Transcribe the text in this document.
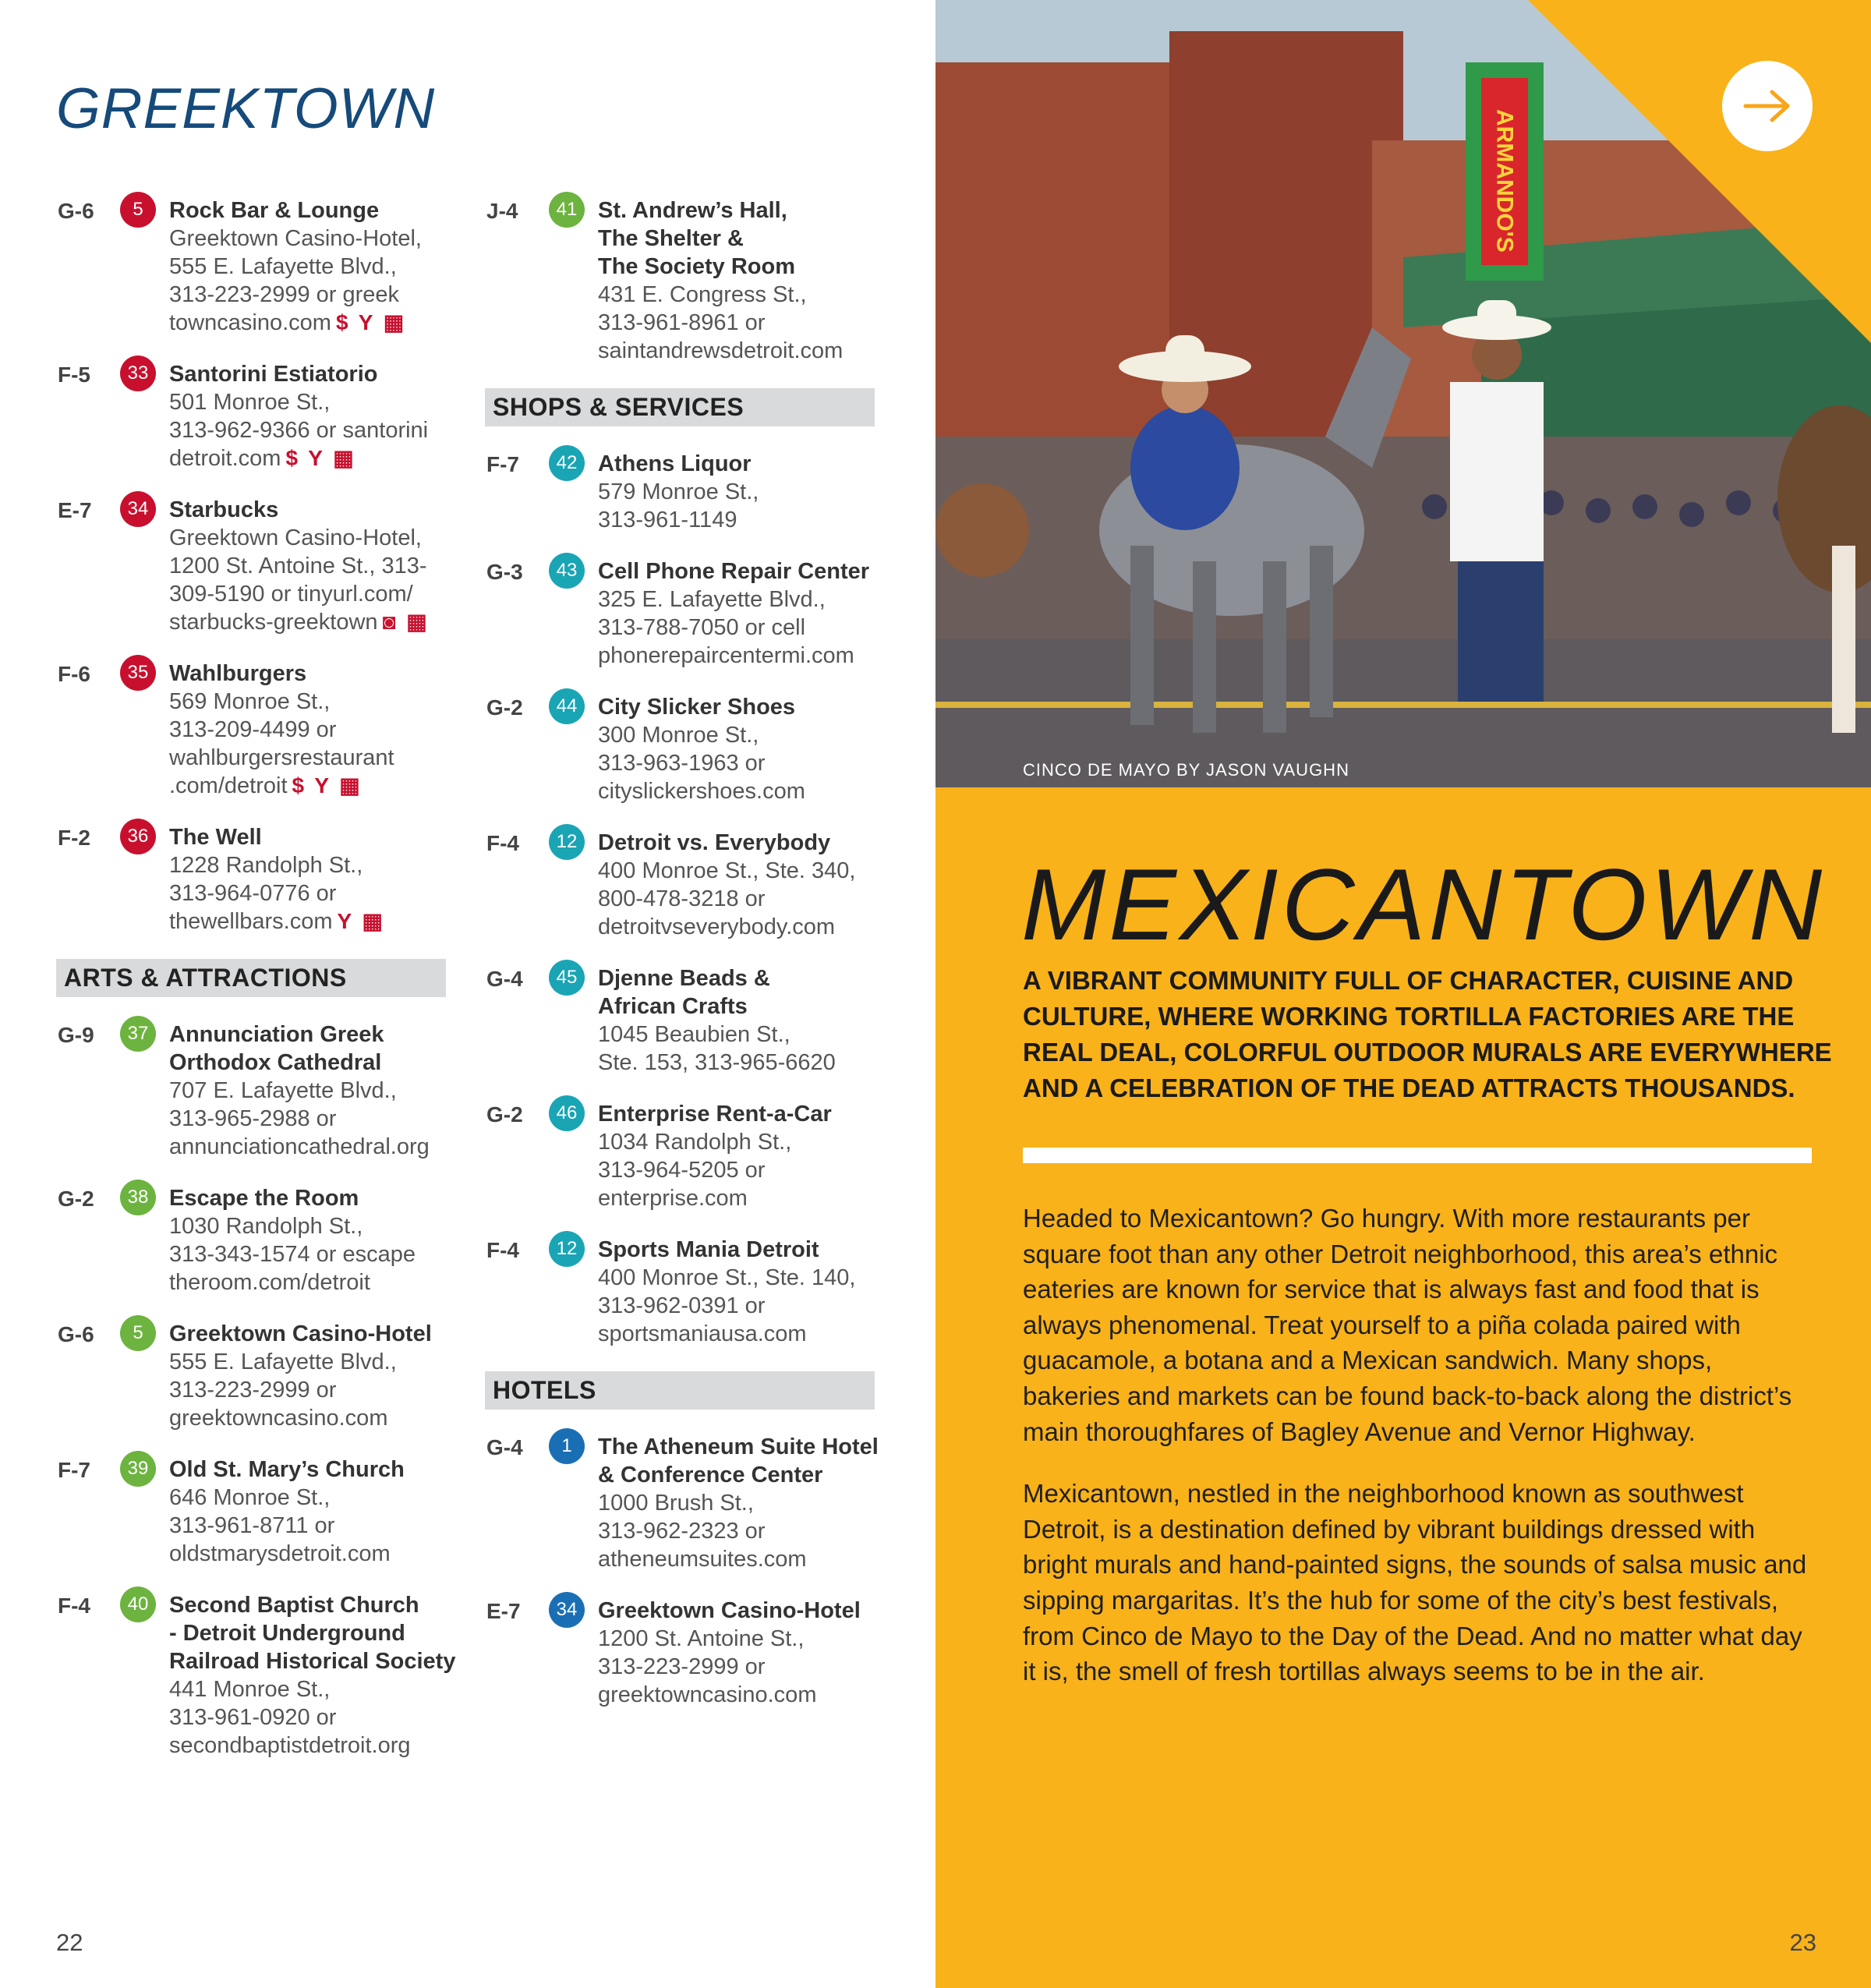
GREEKTOWN
G-6	5	Rock Bar & Lounge
Greektown Casino-Hotel,
555 E. Lafayette Blvd.,
313-223-2999 or greek
towncasino.com $ Y ▦
F-5	33 Santorini Estiatorio
501 Monroe St.,
313-962-9366 or santorini
detroit.com $ Y ▦
E-7	34 Starbucks
Greektown Casino-Hotel,
1200 St. Antoine St., 313-
309-5190 or tinyurl.com/
starbucks-greektown ◙ ▦
F-6	35 Wahlburgers
569 Monroe St.,
313-209-4499 or
wahlburgersrestaurant
.com/detroit $ Y ▦
F-2	36 The Well
1228 Randolph St.,
313-964-0776 or
thewellbars.com Y ▦
ARTS & ATTRACTIONS
G-9	37 Annunciation Greek
Orthodox Cathedral
707 E. Lafayette Blvd.,
313-965-2988 or
annunciationcathedral.org
G-2	38 Escape the Room
1030 Randolph St.,
313-343-1574 or escape
theroom.com/detroit
G-6	5	Greektown Casino-Hotel
555 E. Lafayette Blvd.,
313-223-2999 or
greektowncasino.com
F-7	39 Old St. Mary’s Church
646 Monroe St.,
313-961-8711 or
oldstmarysdetroit.com
F-4	40 Second Baptist Church
- Detroit Underground
Railroad Historical Society
441 Monroe St.,
313-961-0920 or
secondbaptistdetroit.org
J-4	41 St. Andrew’s Hall,
The Shelter &
The Society Room
431 E. Congress St.,
313-961-8961 or
saintandrewsdetroit.com
SHOPS & SERVICES
F-7	42 Athens Liquor
579 Monroe St.,
313-961-1149
G-3	43 Cell Phone Repair Center
325 E. Lafayette Blvd.,
313-788-7050 or cell
phonerepaircentermi.com
G-2	44 City Slicker Shoes
300 Monroe St.,
313-963-1963 or
cityslickershoes.com
F-4	12 Detroit vs. Everybody
400 Monroe St., Ste. 340,
800-478-3218 or
detroitvseverybody.com
G-4	45 Djenne Beads &
African Crafts
1045 Beaubien St.,
Ste. 153, 313-965-6620
G-2	46 Enterprise Rent-a-Car
1034 Randolph St.,
313-964-5205 or
enterprise.com
F-4	12 Sports Mania Detroit
400 Monroe St., Ste. 140,
313-962-0391 or
sportsmaniausa.com
HOTELS
G-4	1	The Atheneum Suite Hotel
& Conference Center
1000 Brush St.,
313-962-2323 or
atheneumsuites.com
E-7	34 Greektown Casino-Hotel
1200 St. Antoine St.,
313-223-2999 or
greektowncasino.com
22
ARMANDO'S
CINCO DE MAYO BY JASON VAUGHN
MEXICANTOWN

A VIBRANT COMMUNITY FULL OF CHARACTER, CUISINE AND CULTURE, WHERE WORKING TORTILLA FACTORIES ARE THE REAL DEAL, COLORFUL OUTDOOR MURALS ARE EVERYWHERE AND A CELEBRATION OF THE DEAD ATTRACTS THOUSANDS.

Headed to Mexicantown? Go hungry. With more restaurants per square foot than any other Detroit neighborhood, this area’s ethnic eateries are known for service that is always fast and food that is always phenomenal. Treat yourself to a piña colada paired with guacamole, a botana and a Mexican sandwich. Many shops, bakeries and markets can be found back-to-back along the district’s main thoroughfares of Bagley Avenue and Vernor Highway.

Mexicantown, nestled in the neighborhood known as southwest Detroit, is a destination defined by vibrant buildings dressed with bright murals and hand-painted signs, the sounds of salsa music and sipping margaritas. It’s the hub for some of the city’s best festivals, from Cinco de Mayo to the Day of the Dead. And no matter what day it is, the smell of fresh tortillas always seems to be in the air.

23
